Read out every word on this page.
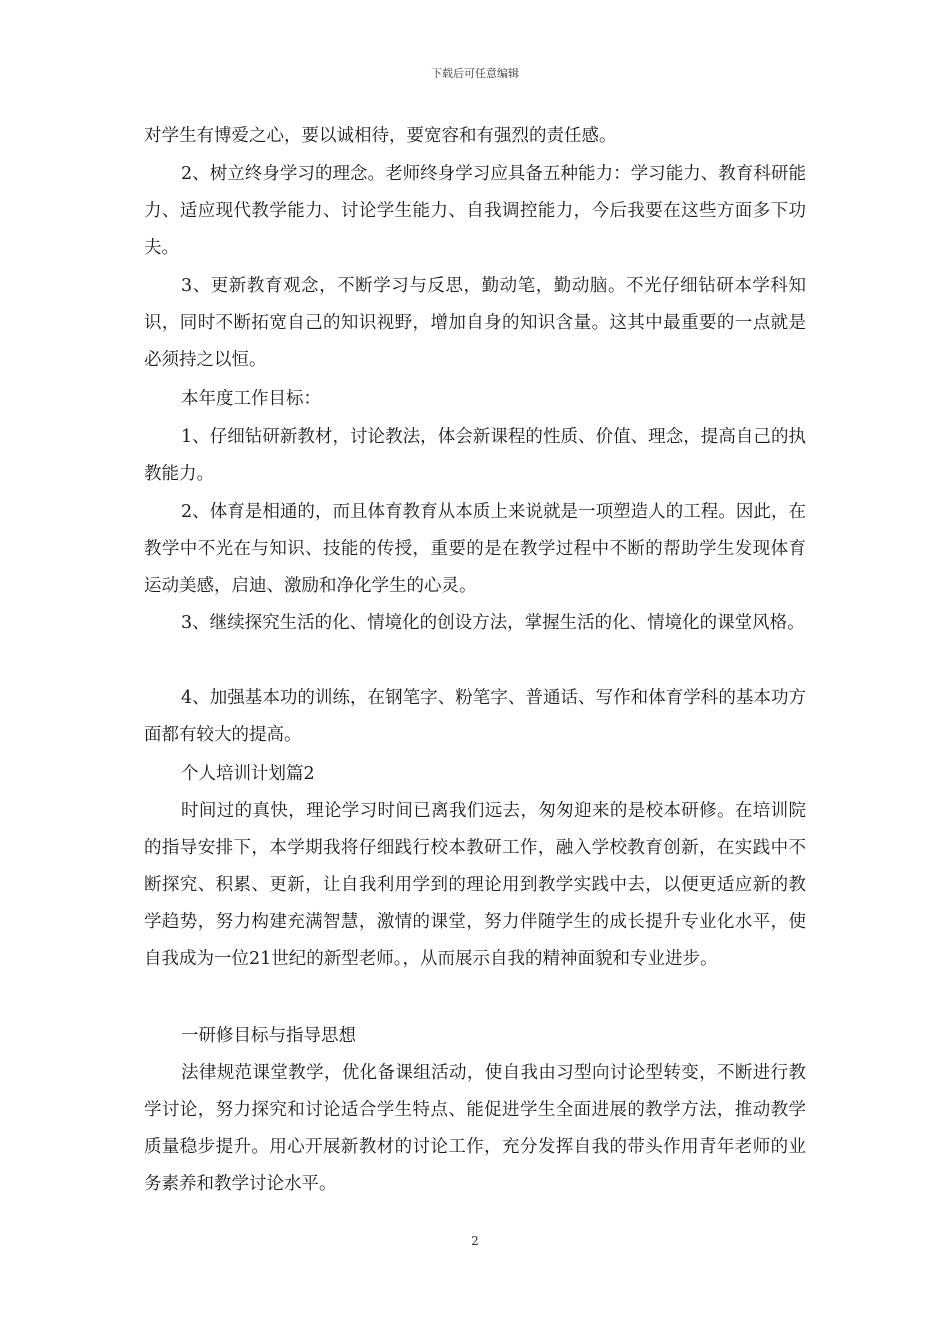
下载后可任意编辑

对学生有博爱之心，要以诚相待，要宽容和有强烈的责任感。

2、树立终身学习的理念。老师终身学习应具备五种能力：学习能力、教育科研能力、适应现代教学能力、讨论学生能力、自我调控能力，今后我要在这些方面多下功夫。

3、更新教育观念，不断学习与反思，勤动笔，勤动脑。不光仔细钻研本学科知识，同时不断拓宽自己的知识视野，增加自身的知识含量。这其中最重要的一点就是必须持之以恒。

本年度工作目标：

1、仔细钻研新教材，讨论教法，体会新课程的性质、价值、理念，提高自己的执教能力。

2、体育是相通的，而且体育教育从本质上来说就是一项塑造人的工程。因此，在教学中不光在与知识、技能的传授，重要的是在教学过程中不断的帮助学生发现体育运动美感，启迪、激励和净化学生的心灵。

3、继续探究生活的化、情境化的创设方法，掌握生活的化、情境化的课堂风格。

4、加强基本功的训练，在钢笔字、粉笔字、普通话、写作和体育学科的基本功方面都有较大的提高。

个人培训计划篇2

时间过的真快，理论学习时间已离我们远去，匆匆迎来的是校本研修。在培训院的指导安排下，本学期我将仔细践行校本教研工作，融入学校教育创新，在实践中不断探究、积累、更新，让自我利用学到的理论用到教学实践中去，以便更适应新的教学趋势，努力构建充满智慧，激情的课堂，努力伴随学生的成长提升专业化水平，使自我成为一位21世纪的新型老师。，从而展示自我的精神面貌和专业进步。

一研修目标与指导思想

法律规范课堂教学，优化备课组活动，使自我由习型向讨论型转变，不断进行教学讨论，努力探究和讨论适合学生特点、能促进学生全面进展的教学方法，推动教学质量稳步提升。用心开展新教材的讨论工作，充分发挥自我的带头作用青年老师的业务素养和教学讨论水平。

2
